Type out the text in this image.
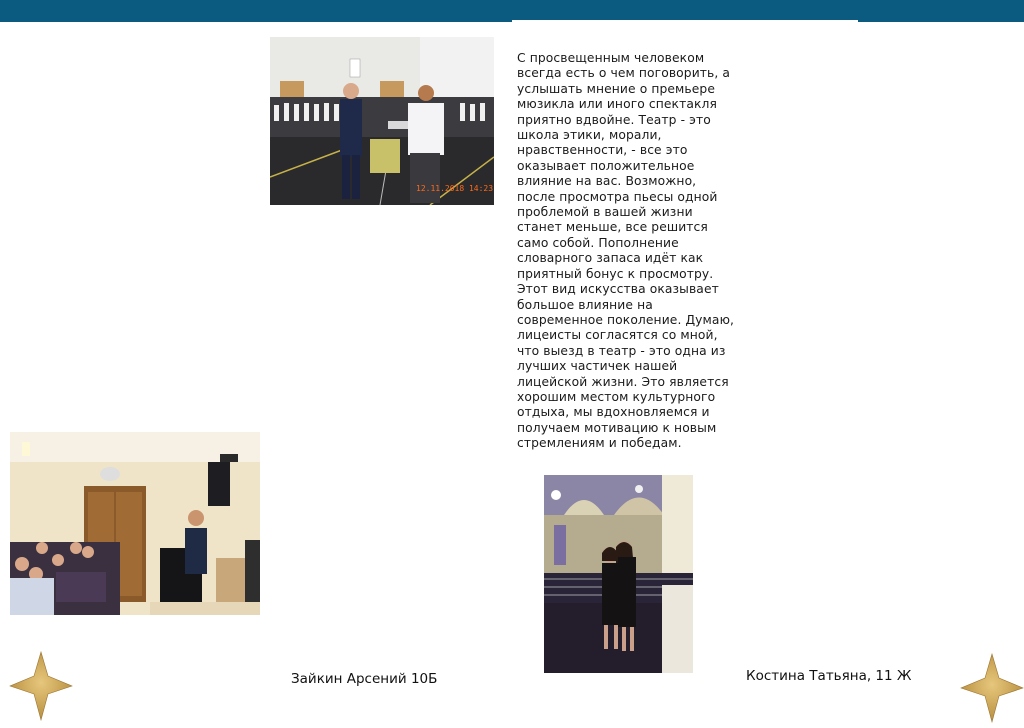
12.11.2018 14:23
С просвещенным человеком всегда есть о чем поговорить, а услышать мнение о премьере мюзикла или иного спектакля приятно вдвойне. Театр - это школа этики, морали, нравственности, - все это оказывает положительное влияние на вас. Возможно, после просмотра пьесы одной проблемой в вашей жизни станет меньше, все решится само собой. Пополнение словарного запаса идёт как приятный бонус к просмотру. Этот вид искусства оказывает большое влияние на современное поколение. Думаю, лицеисты согласятся со мной, что выезд в театр - это одна из лучших частичек нашей лицейской жизни. Это является хорошим местом культурного отдыха, мы вдохновляемся и получаем мотивацию к новым стремлениям и победам.
Зайкин Арсений 10Б	Костина Татьяна, 11 Ж
